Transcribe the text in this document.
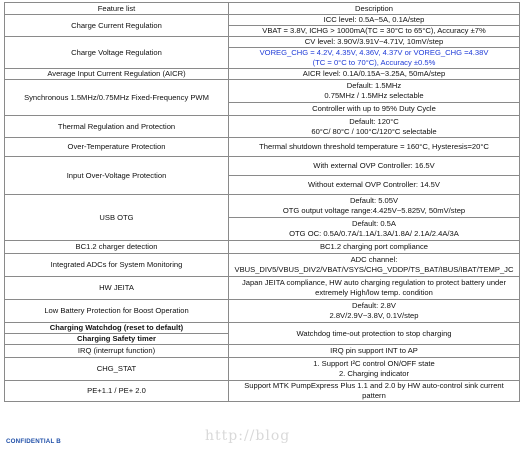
Feature list	Description
Charge Current Regulation	ICC level: 0.5A~5A, 0.1A/step
	VBAT = 3.8V, ICHG > 1000mA(TC = 30°C to 65°C), Accuracy ±7%
Charge Voltage Regulation	CV level: 3.90V/3.91V~4.71V, 10mV/step

	VOREG_CHG = 4.2V, 4.35V, 4.36V, 4.37V or VOREG_CHG =4.38V
(TC = 0°C to 70°C), Accuracy ±0.5%

Average Input Current Regulation (AICR)	AICR level: 0.1A/0.15A~3.25A, 50mA/step
Synchronous 1.5MHz/0.75MHz Fixed-Frequency PWM	Default: 1.5MHz
0.75MHz / 1.5MHz selectable

	Controller with up to 95% Duty Cycle
Thermal Regulation and Protection	Default: 120°C
60°C/ 80°C / 100°C/120°C selectable

Over-Temperature Protection	Thermal shutdown threshold temperature = 160°C, Hysteresis=20°C
Input Over-Voltage Protection	With external OVP Controller: 16.5V
	Without external OVP Controller: 14.5V
USB OTG	Default: 5.05V
OTG output voltage range:4.425V~5.825V, 50mV/step

	Default: 0.5A
OTG OC: 0.5A/0.7A/1.1A/1.3A/1.8A/ 2.1A/2.4A/3A

BC1.2 charger detection	BC1.2 charging port compliance
Integrated ADCs for System Monitoring	ADC channel:
VBUS_DIV5/VBUS_DIV2/VBAT/VSYS/CHG_VDDP/TS_BAT/IBUS/IBAT/TEMP_JC

HW JEITA	Japan JEITA compliance, HW auto charging regulation to protect battery under
extremely High/low temp. condition

Low Battery Protection for Boost Operation	Default: 2.8V
2.8V/2.9V~3.8V, 0.1V/step

Charging Watchdog (reset to default)	Watchdog time-out protection to stop charging
Charging Safety timer	
IRQ (interrupt function)	IRQ pin support INT to AP
CHG_STAT	1. Support I²C control ON/OFF state
2. Charging indicator

PE+1.1 / PE+ 2.0	Support MTK PumpExpress Plus 1.1 and 2.0 by HW auto-control sink current
pattern
CONFIDENTIAL B	http://blog
